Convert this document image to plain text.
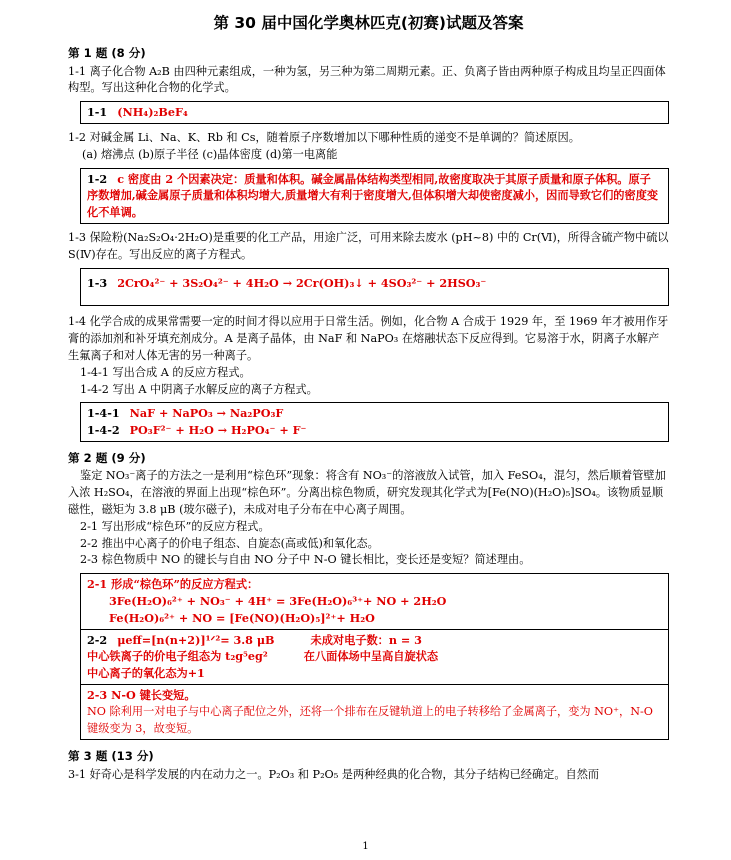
第 30 届中国化学奥林匹克(初赛)试题及答案
第 1 题 (8 分)

1-1 离子化合物 A₂B 由四种元素组成，一种为氢，另三种为第二周期元素。正、负离子皆由两种原子构成且均呈正四面体构型。写出这种化合物的化学式。

1-1 (NH₄)₂BeF₄

1-2 对碱金属 Li、Na、K、Rb 和 Cs，随着原子序数增加以下哪种性质的递变不是单调的？简述原因。

(a) 熔沸点 (b)原子半径 (c)晶体密度 (d)第一电离能

1-2 c 密度由 2 个因素决定：质量和体积。碱金属晶体结构类型相同,故密度取决于其原子质量和原子体积。原子序数增加,碱金属原子质量和体积均增大,质量增大有利于密度增大,但体积增大却使密度减小，因而导致它们的密度变化不单调。

1-3 保险粉(Na₂S₂O₄·2H₂O)是重要的化工产品，用途广泛，可用来除去废水 (pH~8) 中的 Cr(Ⅵ)，所得含硫产物中硫以 S(Ⅳ)存在。写出反应的离子方程式。

1-3 2CrO₄²⁻ + 3S₂O₄²⁻ + 4H₂O → 2Cr(OH)₃↓ + 4SO₃²⁻ + 2HSO₃⁻

1-4 化学合成的成果常需要一定的时间才得以应用于日常生活。例如，化合物 A 合成于 1929 年，至 1969 年才被用作牙膏的添加剂和补牙填充剂成分。A 是离子晶体，由 NaF 和 NaPO₃ 在熔融状态下反应得到。它易溶于水，阴离子水解产生氟离子和对人体无害的另一种离子。

1-4-1 写出合成 A 的反应方程式。

1-4-2 写出 A 中阴离子水解反应的离子方程式。

1-4-1 NaF + NaPO₃ → Na₂PO₃F
1-4-2 PO₃F²⁻ + H₂O → H₂PO₄⁻ + F⁻
第 2 题 (9 分)

鉴定 NO₃⁻离子的方法之一是利用“棕色环”现象：将含有 NO₃⁻的溶液放入试管，加入 FeSO₄，混匀，然后顺着管壁加入浓 H₂SO₄，在溶液的界面上出现“棕色环”。分离出棕色物质，研究发现其化学式为[Fe(NO)(H₂O)₅]SO₄。该物质显顺磁性，磁矩为 3.8 μB (玻尔磁子)，未成对电子分布在中心离子周围。

2-1 写出形成“棕色环”的反应方程式。

2-2 推出中心离子的价电子组态、自旋态(高或低)和氧化态。

2-3 棕色物质中 NO 的键长与自由 NO 分子中 N-O 键长相比，变长还是变短？简述理由。

2-1 形成“棕色环”的反应方程式：
3Fe(H₂O)₆²⁺ + NO₃⁻ + 4H⁺ = 3Fe(H₂O)₆³⁺+ NO + 2H₂O
Fe(H₂O)₆²⁺ + NO = [Fe(NO)(H₂O)₅]²⁺+ H₂O
2-2 μeff=[n(n+2)]¹ᐟ²= 3.8 μB	未成对电子数：n = 3
中心铁离子的价电子组态为 t₂g⁵eg²	在八面体场中呈高自旋状态
中心离子的氧化态为+1
2-3 N-O 键长变短。
NO 除利用一对电子与中心离子配位之外，还将一个排布在反键轨道上的电子转移给了金属离子，变为 NO⁺，N-O 键级变为 3，故变短。
第 3 题 (13 分)

3-1 好奇心是科学发展的内在动力之一。P₂O₃ 和 P₂O₅ 是两种经典的化合物，其分子结构已经确定。自然而

1
